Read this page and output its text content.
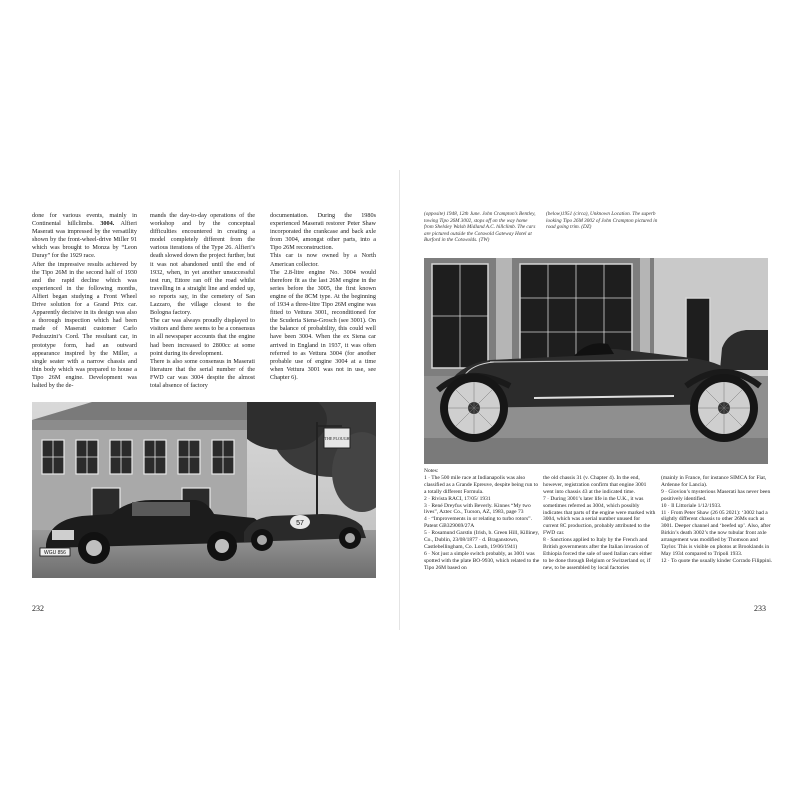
done for various events, mainly in Continental hillclimbs. 3004. Alfieri Maserati was impressed by the versatility shown by the front-wheel-drive Miller 91 which was brought to Monza by “Leon Duray” for the 1929 race.

After the impressive results achieved by the Tipo 26M in the second half of 1930 and the rapid decline which was experienced in the following months, Alfieri began studying a Front Wheel Drive solution for a Grand Prix car. Apparently decisive in its design was also a thorough inspection which had been made of Maserati customer Carlo Pedrazzini’s Cord. The resultant car, in prototype form, had an outward appearance inspired by the Miller, a single seater with a narrow chassis and thin body which was prepared to house a Tipo 26M engine. Development was halted by the de-

mands the day-to-day operations of the workshop and by the conceptual difficulties encountered in creating a model completely different from the various iterations of the Type 26. Alfieri’s death slowed down the project further, but it was not abandoned until the end of 1932, when, in yet another unsuccessful test run, Ettore ran off the road whilst travelling in a straight line and ended up, so reports say, in the cemetery of San Lazzaro, the village closest to the Bologna factory.

The car was always proudly displayed to visitors and there seems to be a consensus in all newspaper accounts that the engine had been increased to 2800cc at some point during its development.

There is also some consensus in Maserati literature that the serial number of the FWD car was 3004 despite the almost total absence of factory

documentation. During the 1980s experienced Maserati restorer Peter Shaw incorporated the crankcase and back axle from 3004, amongst other parts, into a Tipo 26M reconstruction.

This car is now owned by a North American collector.

The 2.8-litre engine No. 3004 would therefore fit as the last 26M engine in the series before the 3005, the first known engine of the 8CM type. At the beginning of 1934 a three-litre Tipo 26M engine was fitted to Vettura 3001, reconditioned for the Scuderia Siena-Grosch (see 3001). On the balance of probability, this could well have been 3004. When the ex Siena car arrived in England in 1937, it was often referred to as Vettura 3004 (for another probable use of engine 3004 at a time when Vettura 3001 was not in use, see Chapter 6).

THE PLOUGH
WGU 856
57
232

(opposite) 1948, 12th June. John Crampton’s Bentley, towing Tipo 26M 3002, stops off on the way home from Shelsley Walsh Midland A.C. hillclimb. The cars are pictured outside the Cotswold Gateway Hotel at Burford in the Cotswolds. (TW)

(below)1951 (circa), Unknown Location. The superb looking Tipo 26M 3002 of John Crampton pictured in road going trim. (DZ)

Notes:

1 · The 500 mile race at Indianapolis was also classified as a Grande Epreuve, despite being run to a totally different Formula.

2 · Rivista RACI, 17/05/ 1931

3 · René Dreyfus with Beverly. Kinnes “My two lives”, Aztec Co., Tucson, AZ, 1983, page 73

4 · “Improvements in or relating to turbo rotors”. Patent GB329069/27A

5 · Rosamund Garstin (Irish, b. Green Hill, Killiney, Co., Dublin, 23/08/1877 · d. Braganstown, Castlebellingham, Co. Louth, 19/06/1941)

6 · Not just a simple switch probably, as 3001 was spotted with the plate BO-9930, which related to the Tipo 26M based on

the old chassis 31 (v. Chapter 4). In the end, however, registration confirm that engine 3001 went into chassis 43 at the indicated time.

7 · During 3001’s later life in the U.K., it was sometimes referred as 3004, which possibly indicates that parts of the engine were marked with 3004, which was a serial number unused for current 8C production, probably attributed to the FWD car.

8 · Sanctions applied to Italy by the French and British governments after the Italian invasion of Ethiopia forced the sale of used Italian cars either to be done through Belgium or Switzerland or, if new, to be assembled by local factories

(mainly in France, for instance SIMCA for Fiat, Ardenne for Lancia).

9 · Giovion’s mysterious Maserati has never been positively identified.

10 · Il Littoriale 1/12/1933.

11 · From Peter Shaw (26 05 2021): ‘3002 had a slightly different chassis to other 26Ms such as 3001. Deeper channel and ‘beefed up’. Also, after Birkin’s death 3002’s the now tubular front axle arrangement was modified by Thomson and Taylor. This is visible on photos at Brooklands in May 1934 compared to Tripoli 1933.

12 · To quote the usually kinder Corrado Filippini.

233
